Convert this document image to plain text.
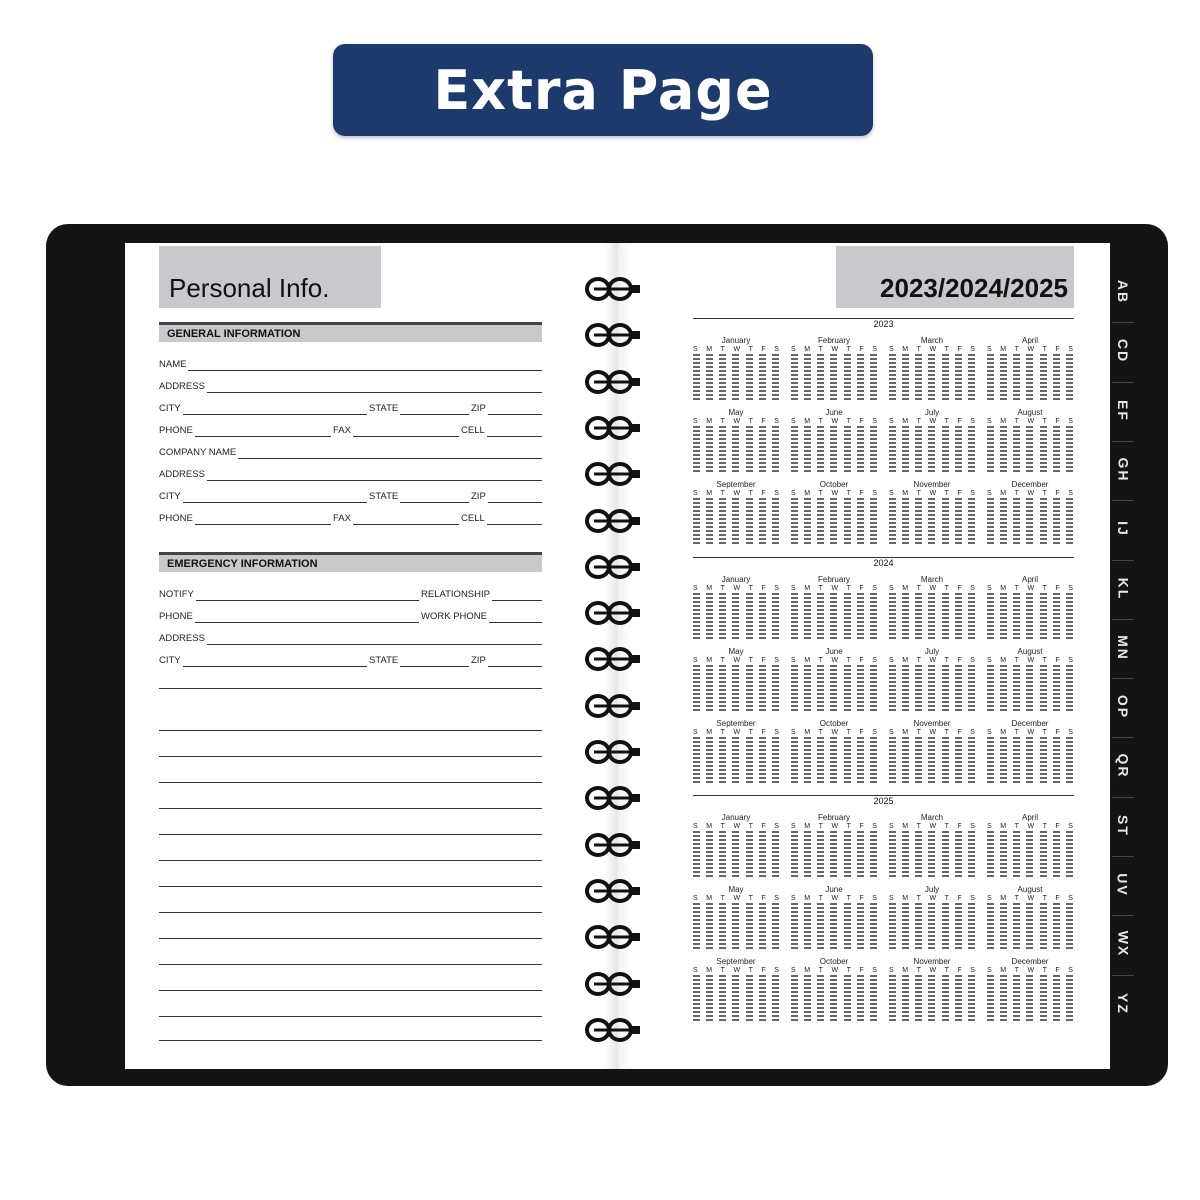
Extra Page
Personal Info.	2023/2024/2025
GENERAL INFORMATION
NAME
ADDRESS
CITY	STATE	ZIP
PHONE	FAX	CELL
COMPANY NAME
ADDRESS
CITY	STATE	ZIP
PHONE	FAX	CELL
EMERGENCY INFORMATION
NOTIFY	RELATIONSHIP
PHONE	WORK PHONE
ADDRESS
CITY	STATE	ZIP
2023
January
S M T W T F S
February
S M T W T F S
March
S M T W T F S
April
S M T W T F S
May
S M T W T F S
June
S M T W T F S
July
S M T W T F S
August
S M T W T F S
September
S M T W T F S
October
S M T W T F S
November
S M T W T F S
December
S M T W T F S
2024
January
S M T W T F S
February
S M T W T F S
March
S M T W T F S
April
S M T W T F S
May
S M T W T F S
June
S M T W T F S
July
S M T W T F S
August
S M T W T F S
September
S M T W T F S
October
S M T W T F S
November
S M T W T F S
December
S M T W T F S
2025
January
S M T W T F S
February
S M T W T F S
March
S M T W T F S
April
S M T W T F S
May
S M T W T F S
June
S M T W T F S
July
S M T W T F S
August
S M T W T F S
September
S M T W T F S
October
S M T W T F S
November
S M T W T F S
December
S M T W T F S
AB
CD
EF
GH
IJ
KL
MN
OP
QR
ST
UV
WX
YZ
